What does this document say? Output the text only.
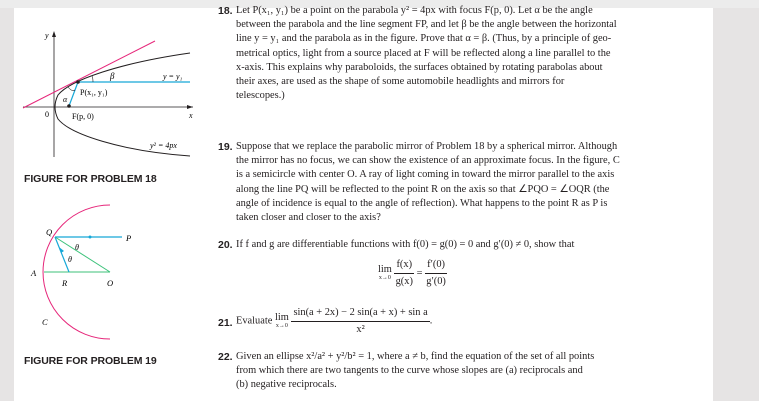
y
x
0	F(p, 0)
P(x₁, y₁)
α
β	y = y₁
y² = 4px
FIGURE FOR PROBLEM 18
Q
P
A
R	O
C
θ
θ
FIGURE FOR PROBLEM 19
18. Let P(x₁, y₁) be a point on the parabola y² = 4px with focus F(p, 0). Let α be the angle

between the parabola and the line segment FP, and let β be the angle between the horizontal

line y = y₁ and the parabola as in the figure. Prove that α = β. (Thus, by a principle of geo-

metrical optics, light from a source placed at F will be reflected along a line parallel to the

x-axis. This explains why paraboloids, the surfaces obtained by rotating parabolas about

their axes, are used as the shape of some automobile headlights and mirrors for

telescopes.)

19. Suppose that we replace the parabolic mirror of Problem 18 by a spherical mirror. Although

the mirror has no focus, we can show the existence of an approximate focus. In the figure, C

is a semicircle with center O. A ray of light coming in toward the mirror parallel to the axis

along the line PQ will be reflected to the point R on the axis so that ∠PQO = ∠OQR (the

angle of incidence is equal to the angle of reflection). What happens to the point R as P is

taken closer and closer to the axis?

20. If f and g are differentiable functions with f(0) = g(0) = 0 and g′(0) ≠ 0, show that

lim
x→0
$\frac{f(x)}{g(x)} = \frac{f'(0)}{g'(0)}$
21. Evaluate lim
x→0
$\frac{\text{sin(a + 2x) − 2 sin(a + x) + sin a}}{\text{x²}}$ .
22. Given an ellipse x²/a² + y²/b² = 1, where a ≠ b, find the equation of the set of all points

from which there are two tangents to the curve whose slopes are (a) reciprocals and

(b) negative reciprocals.
